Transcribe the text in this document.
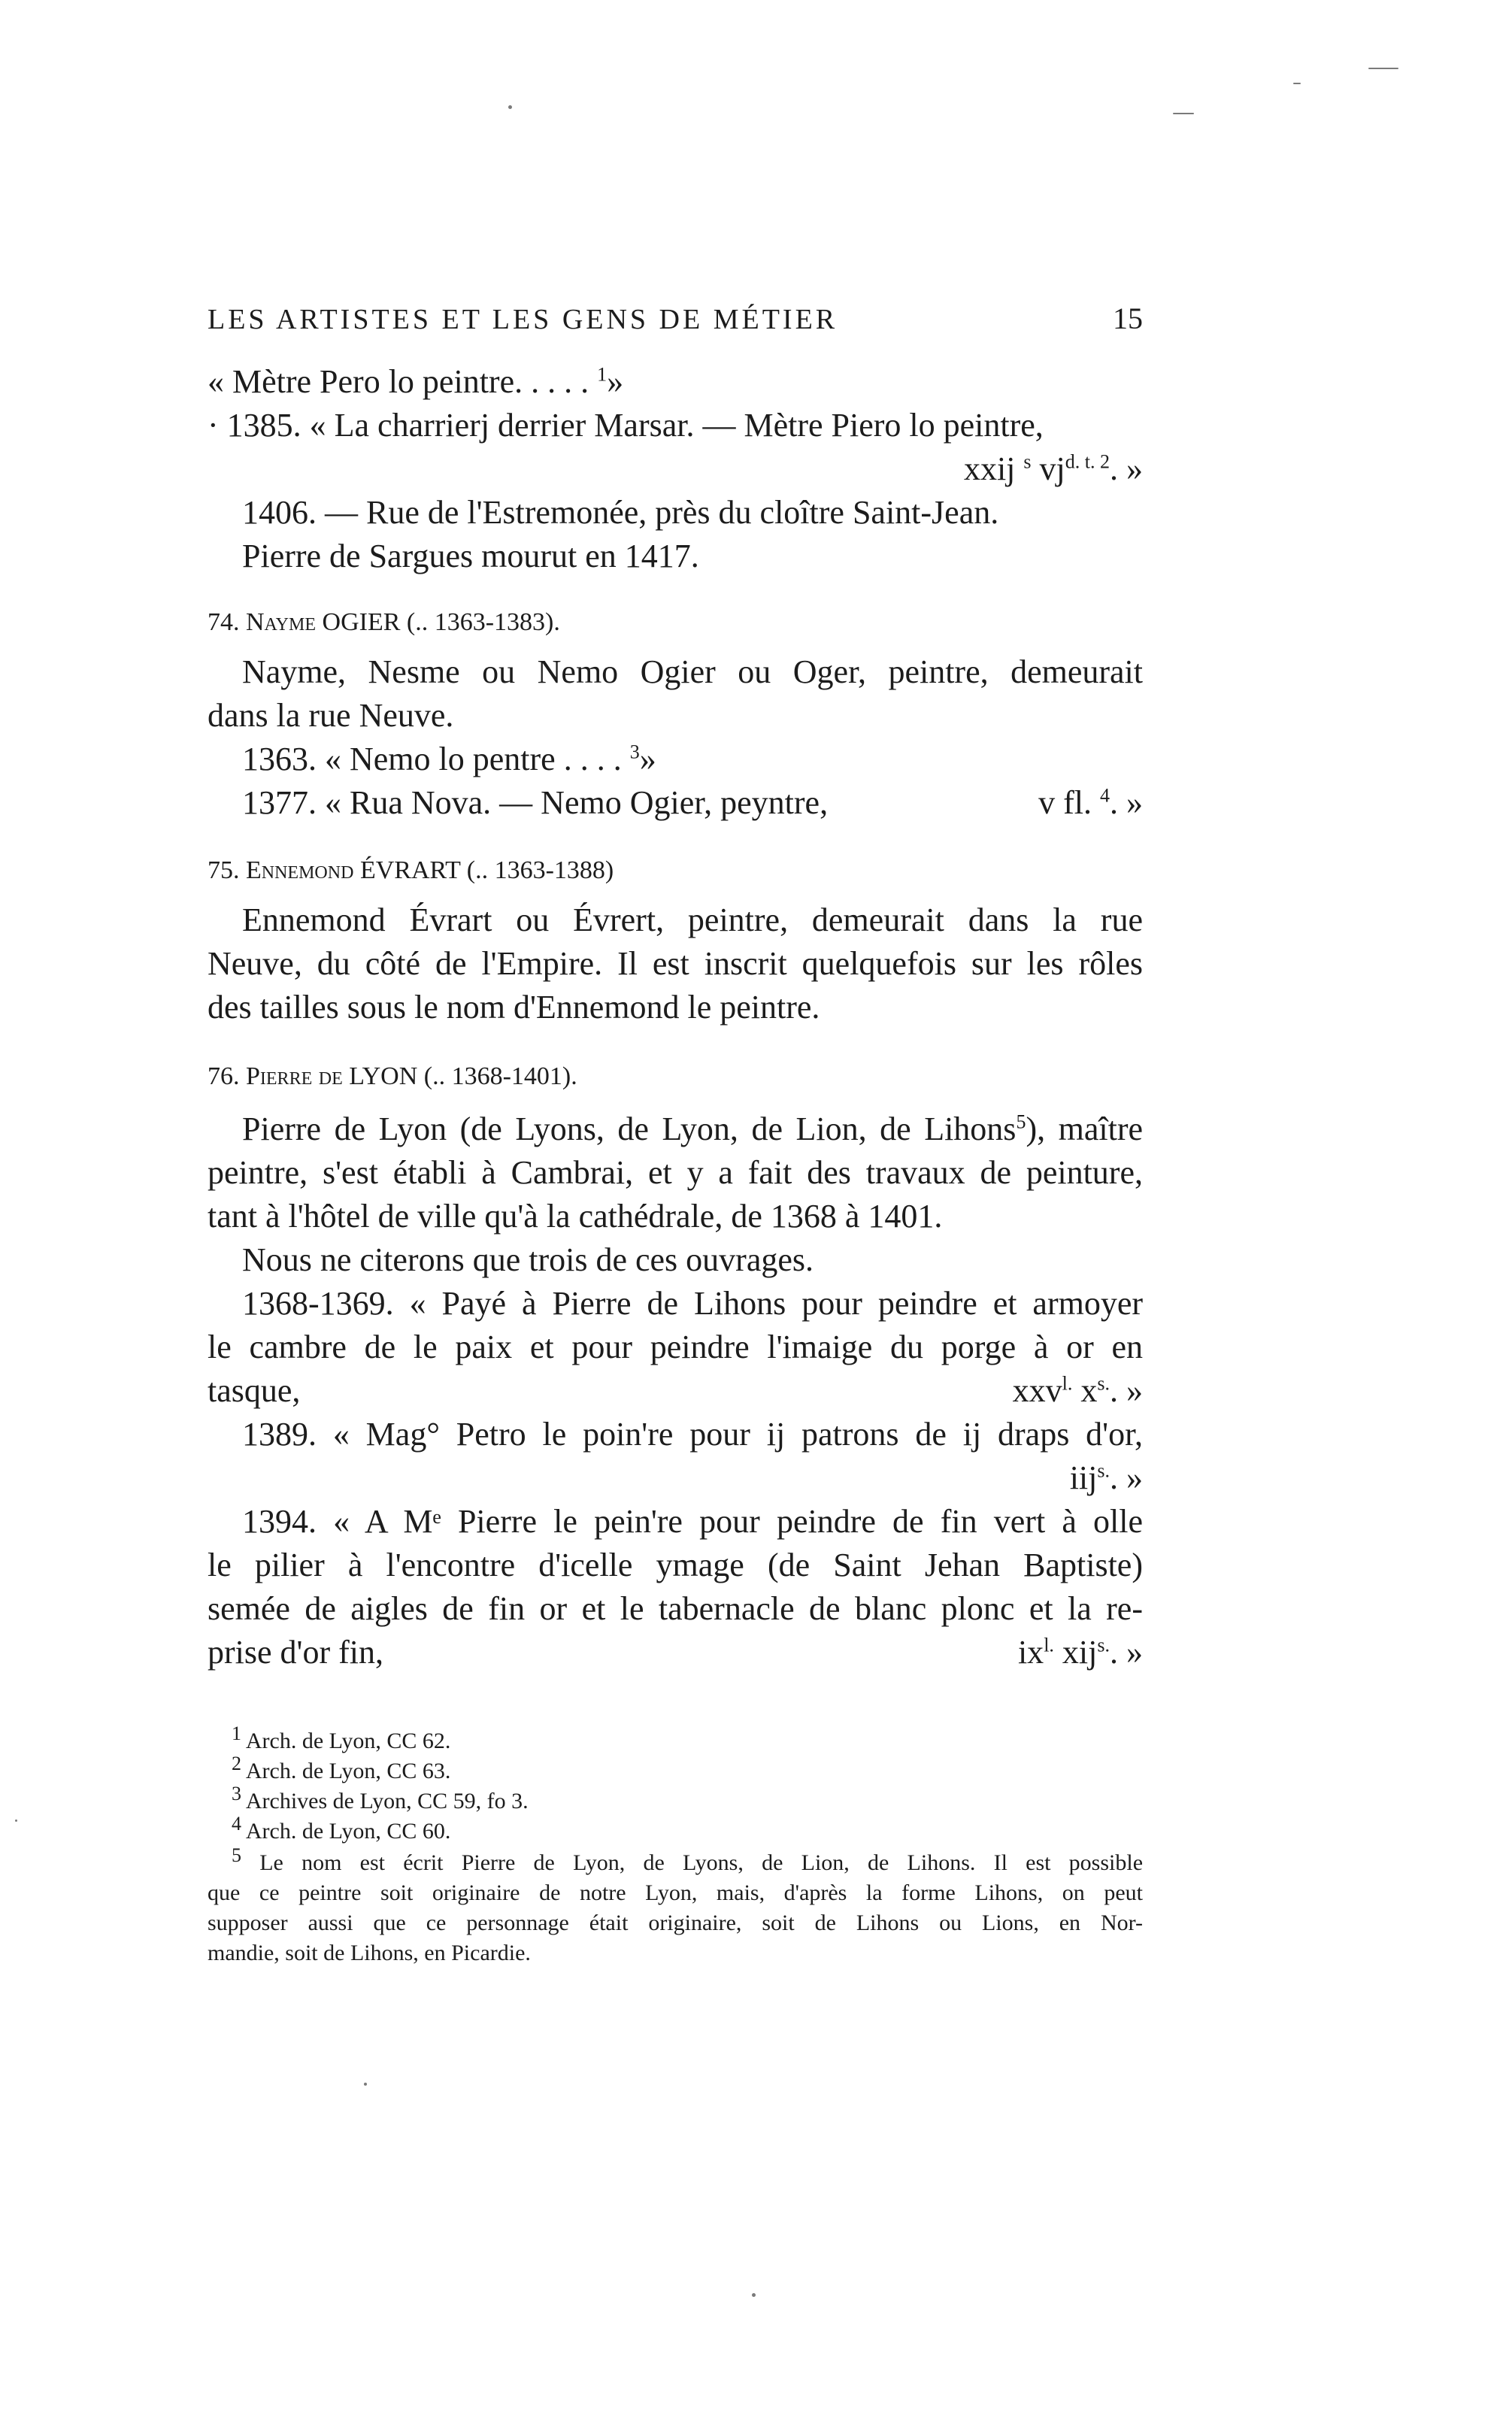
LES ARTISTES ET LES GENS DE MÉTIER	15
« Mètre Pero lo peintre. . . . . $^1$»
· 1385. « La charrierj derrier Marsar. — Mètre Piero lo peintre,
xxij $^s$ $vj^{d. t. 2}$. »
1406. — Rue de l'Estremonée, près du cloître Saint-Jean.
Pierre de Sargues mourut en 1417.
74. Nayme OGIER (.. 1363-1383).
Nayme, Nesme ou Nemo Ogier ou Oger, peintre, demeurait
dans la rue Neuve.
1363. « Nemo lo pentre . . . . $^3$»
1377. « Rua Nova. — Nemo Ogier, peyntre,	v fl. $^4$. »
75. Ennemond ÉVRART (.. 1363-1388)
Ennemond Évrart ou Évrert, peintre, demeurait dans la rue
Neuve, du côté de l'Empire. Il est inscrit quelquefois sur les rôles
des tailles sous le nom d'Ennemond le peintre.
76. Pierre de LYON (.. 1368-1401).
Pierre de Lyon (de Lyons, de Lyon, de Lion, de Lihons$^5$), maître
peintre, s'est établi à Cambrai, et y a fait des travaux de peinture,
tant à l'hôtel de ville qu'à la cathédrale, de 1368 à 1401.
Nous ne citerons que trois de ces ouvrages.
1368-1369. « Payé à Pierre de Lihons pour peindre et armoyer
le cambre de le paix et pour peindre l'imaige du porge à or en
tasque,	xxv$^{l.}$ $x^{s.}$. »
1389. « Mag° Petro le poin're pour ij patrons de ij draps d'or,
iij$^{s.}$. »
1394. « A Mᵉ Pierre le pein're pour peindre de fin vert à olle
le pilier à l'encontre d'icelle ymage (de Saint Jehan Baptiste)
semée de aigles de fin or et le tabernacle de blanc plonc et la re-
prise d'or fin,	$ix^{l.}$ xij$^{s.}$. »
$^1$ Arch. de Lyon, CC 62.
$^2$ Arch. de Lyon, CC 63.
$^3$ Archives de Lyon, CC 59, fo 3.
$^4$ Arch. de Lyon, CC 60.
$^5$ Le nom est écrit Pierre de Lyon, de Lyons, de Lion, de Lihons. Il est possible
que ce peintre soit originaire de notre Lyon, mais, d'après la forme Lihons, on peut
supposer aussi que ce personnage était originaire, soit de Lihons ou Lions, en Nor-
mandie, soit de Lihons, en Picardie.
